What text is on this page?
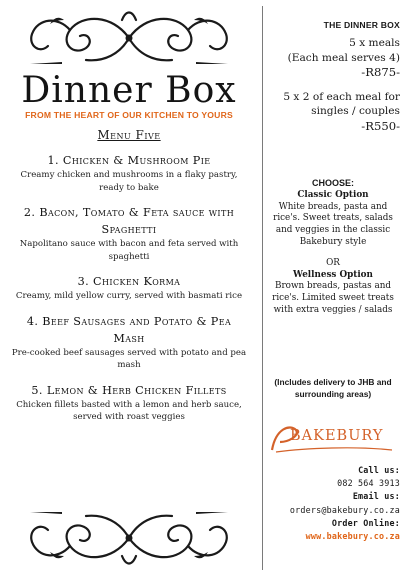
Dinner Box
FROM THE HEART OF OUR KITCHEN TO YOURS
Menu Five
1. Chicken & Mushroom Pie
Creamy chicken and mushrooms in a flaky pastry, ready to bake
2. Bacon, Tomato & Feta sauce with Spaghetti
Napolitano sauce with bacon and feta served with spaghetti
3. Chicken Korma
Creamy, mild yellow curry, served with basmati rice
4. Beef Sausages and Potato & Pea Mash
Pre-cooked beef sausages served with potato and pea mash
5. Lemon & Herb Chicken Fillets
Chicken fillets basted with a lemon and herb sauce, served with roast veggies
THE DINNER BOX
5 x meals
(Each meal serves 4)
-R875-
5 x 2 of each meal for
singles / couples
-R550-
CHOOSE:
Classic Option
White breads, pasta and rice's. Sweet treats, salads and veggies in the classic Bakebury style
OR
Wellness Option
Brown breads, pastas and rice's. Limited sweet treats with extra veggies / salads
(Includes delivery to JHB and surrounding areas)
BAKEBURY
Call us:
082 564 3913
Email us:
orders@bakebury.co.za
Order Online:
www.bakebury.co.za
